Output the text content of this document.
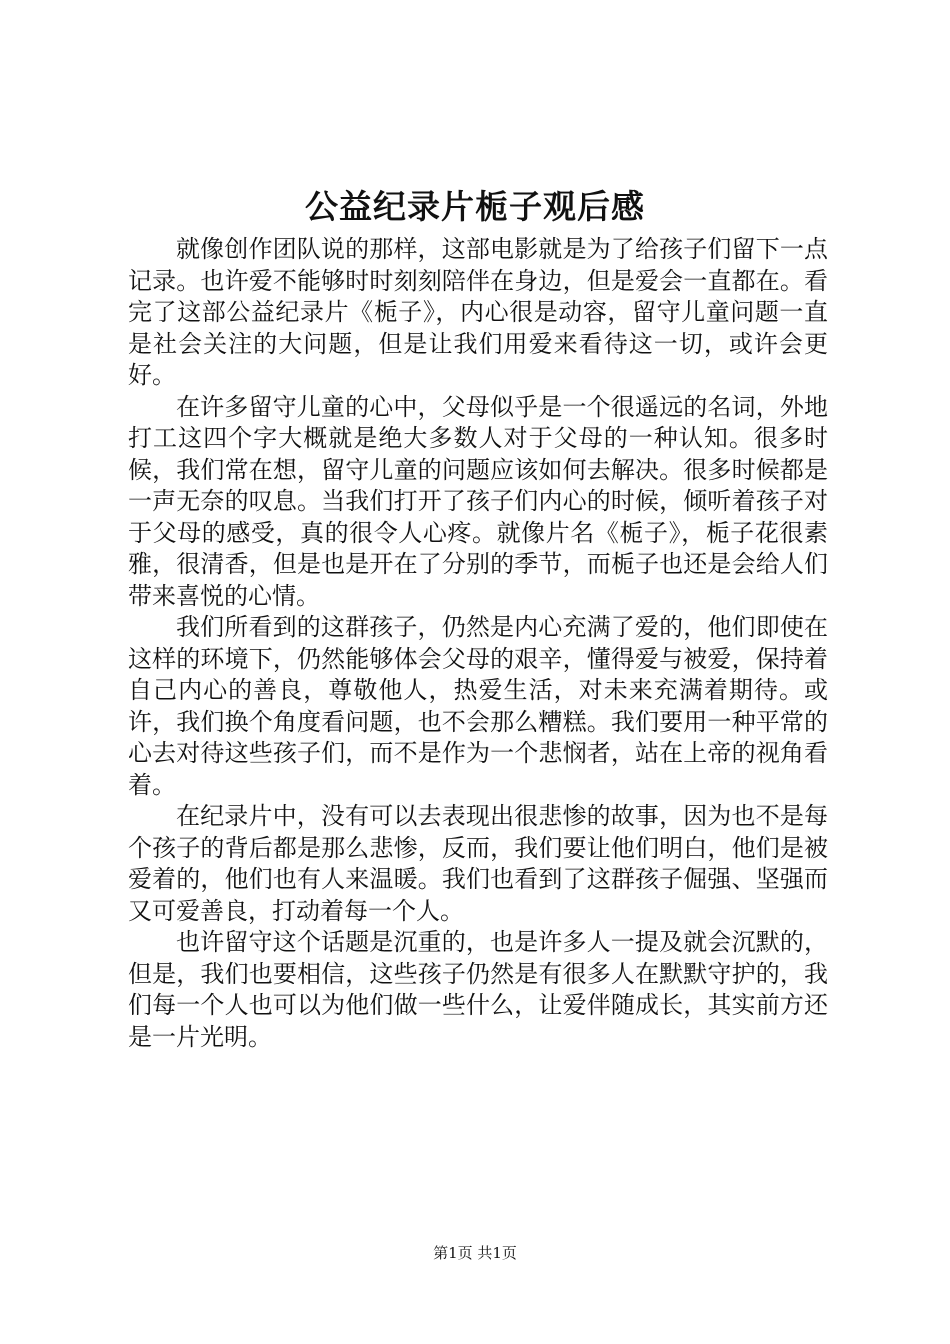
公益纪录片栀子观后感

就像创作团队说的那样，这部电影就是为了给孩子们留下一点记录。也许爱不能够时时刻刻陪伴在身边，但是爱会一直都在。看完了这部公益纪录片《栀子》，内心很是动容，留守儿童问题一直是社会关注的大问题，但是让我们用爱来看待这一切，或许会更好。

在许多留守儿童的心中，父母似乎是一个很遥远的名词，外地打工这四个字大概就是绝大多数人对于父母的一种认知。很多时候，我们常在想，留守儿童的问题应该如何去解决。很多时候都是一声无奈的叹息。当我们打开了孩子们内心的时候，倾听着孩子对于父母的感受，真的很令人心疼。就像片名《栀子》，栀子花很素雅，很清香，但是也是开在了分别的季节，而栀子也还是会给人们带来喜悦的心情。

我们所看到的这群孩子，仍然是内心充满了爱的，他们即使在这样的环境下，仍然能够体会父母的艰辛，懂得爱与被爱，保持着自己内心的善良，尊敬他人，热爱生活，对未来充满着期待。或许，我们换个角度看问题，也不会那么糟糕。我们要用一种平常的心去对待这些孩子们，而不是作为一个悲悯者，站在上帝的视角看着。

在纪录片中，没有可以去表现出很悲惨的故事，因为也不是每个孩子的背后都是那么悲惨，反而，我们要让他们明白，他们是被爱着的，他们也有人来温暖。我们也看到了这群孩子倔强、坚强而又可爱善良，打动着每一个人。

也许留守这个话题是沉重的，也是许多人一提及就会沉默的，但是，我们也要相信，这些孩子仍然是有很多人在默默守护的，我们每一个人也可以为他们做一些什么，让爱伴随成长，其实前方还是一片光明。

第1页 共1页
